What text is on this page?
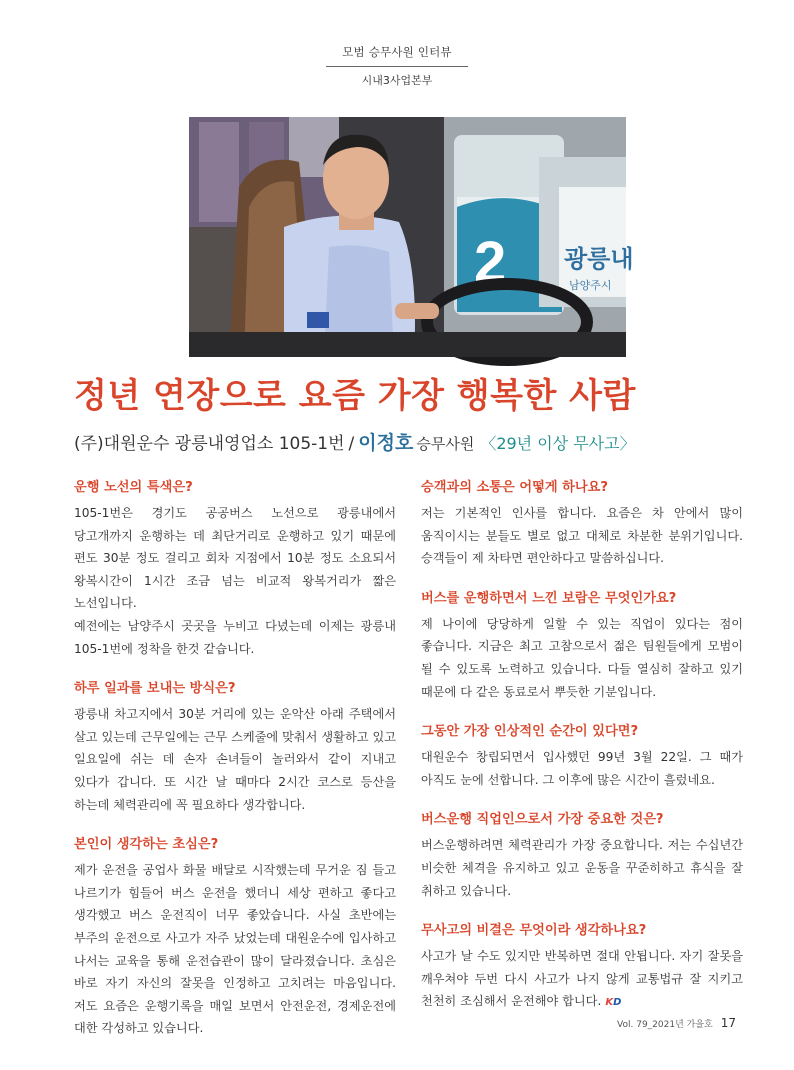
모범 승무사원 인터뷰
시내3사업본부
2 광릉내
남양주시
정년 연장으로 요즘 가장 행복한 사람
(주)대원운수 광릉내영업소 105-1번 / 이정호 승무사원 〈29년 이상 무사고〉
운행 노선의 특색은?
105-1번은 경기도 공공버스 노선으로 광릉내에서 당고개까지 운행하는 데 최단거리로 운행하고 있기 때문에 편도 30분 정도 걸리고 회차 지점에서 10분 정도 소요되서 왕복시간이 1시간 조금 넘는 비교적 왕복거리가 짧은 노선입니다.
예전에는 남양주시 곳곳을 누비고 다녔는데 이제는 광릉내 105-1번에 정착을 한것 같습니다.
하루 일과를 보내는 방식은?
광릉내 차고지에서 30분 거리에 있는 운악산 아래 주택에서 살고 있는데 근무일에는 근무 스케줄에 맞춰서 생활하고 있고 일요일에 쉬는 데 손자 손녀들이 놀러와서 같이 지내고 있다가 갑니다. 또 시간 날 때마다 2시간 코스로 등산을 하는데 체력관리에 꼭 필요하다 생각합니다.
본인이 생각하는 초심은?
제가 운전을 공업사 화물 배달로 시작했는데 무거운 짐 들고 나르기가 힘들어 버스 운전을 했더니 세상 편하고 좋다고 생각했고 버스 운전직이 너무 좋았습니다. 사실 초반에는 부주의 운전으로 사고가 자주 났었는데 대원운수에 입사하고 나서는 교육을 통해 운전습관이 많이 달라졌습니다. 초심은 바로 자기 자신의 잘못을 인정하고 고치려는 마음입니다. 저도 요즘은 운행기록을 매일 보면서 안전운전, 경제운전에 대한 각성하고 있습니다.
승객과의 소통은 어떻게 하나요?
저는 기본적인 인사를 합니다. 요즘은 차 안에서 많이 움직이시는 분들도 별로 없고 대체로 차분한 분위기입니다. 승객들이 제 차타면 편안하다고 말씀하십니다.
버스를 운행하면서 느낀 보람은 무엇인가요?
제 나이에 당당하게 일할 수 있는 직업이 있다는 점이 좋습니다. 지금은 최고 고참으로서 젊은 팀원들에게 모범이 될 수 있도록 노력하고 있습니다. 다들 열심히 잘하고 있기 때문에 다 같은 동료로서 뿌듯한 기분입니다.
그동안 가장 인상적인 순간이 있다면?
대원운수 창립되면서 입사했던 99년 3월 22일. 그 때가 아직도 눈에 선합니다. 그 이후에 많은 시간이 흘렀네요.
버스운행 직업인으로서 가장 중요한 것은?
버스운행하려면 체력관리가 가장 중요합니다. 저는 수십년간 비슷한 체격을 유지하고 있고 운동을 꾸준히하고 휴식을 잘 취하고 있습니다.
무사고의 비결은 무엇이라 생각하나요?
사고가 날 수도 있지만 반복하면 절대 안됩니다. 자기 잘못을 깨우쳐야 두번 다시 사고가 나지 않게 교통법규 잘 지키고 천천히 조심해서 운전해야 합니다. KD
Vol. 79_2021년 가을호 17
